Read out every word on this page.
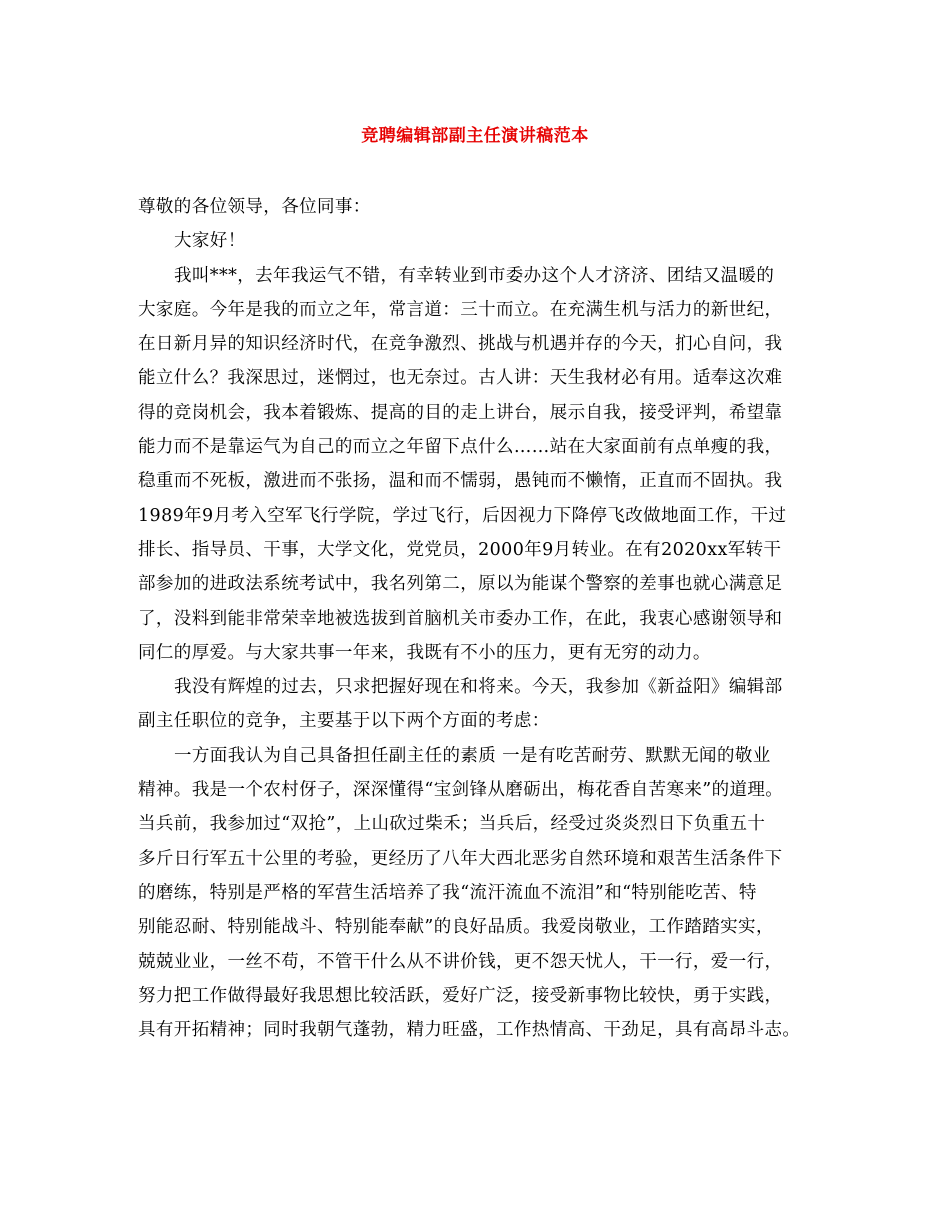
竞聘编辑部副主任演讲稿范本
尊敬的各位领导，各位同事：
大家好！
我叫***，去年我运气不错，有幸转业到市委办这个人才济济、团结又温暖的
大家庭。今年是我的而立之年，常言道：三十而立。在充满生机与活力的新世纪，
在日新月异的知识经济时代，在竞争激烈、挑战与机遇并存的今天，扪心自问，我
能立什么？我深思过，迷惘过，也无奈过。古人讲：天生我材必有用。适奉这次难
得的竞岗机会，我本着锻炼、提高的目的走上讲台，展示自我，接受评判，希望靠
能力而不是靠运气为自己的而立之年留下点什么……站在大家面前有点单瘦的我，
稳重而不死板，激进而不张扬，温和而不懦弱，愚钝而不懒惰，正直而不固执。我
1989年9月考入空军飞行学院，学过飞行，后因视力下降停飞改做地面工作，干过
排长、指导员、干事，大学文化，党党员，2000年9月转业。在有2020xx军转干
部参加的进政法系统考试中，我名列第二，原以为能谋个警察的差事也就心满意足
了，没料到能非常荣幸地被选拔到首脑机关市委办工作，在此，我衷心感谢领导和
同仁的厚爱。与大家共事一年来，我既有不小的压力，更有无穷的动力。
我没有辉煌的过去，只求把握好现在和将来。今天，我参加《新益阳》编辑部
副主任职位的竞争，主要基于以下两个方面的考虑：
一方面我认为自己具备担任副主任的素质 一是有吃苦耐劳、默默无闻的敬业
精神。我是一个农村伢子，深深懂得“宝剑锋从磨砺出，梅花香自苦寒来”的道理。
当兵前，我参加过“双抢”，上山砍过柴禾；当兵后，经受过炎炎烈日下负重五十
多斤日行军五十公里的考验，更经历了八年大西北恶劣自然环境和艰苦生活条件下
的磨练，特别是严格的军营生活培养了我“流汗流血不流泪”和“特别能吃苦、特
别能忍耐、特别能战斗、特别能奉献”的良好品质。我爱岗敬业，工作踏踏实实，
兢兢业业，一丝不苟，不管干什么从不讲价钱，更不怨天忧人，干一行，爱一行，
努力把工作做得最好我思想比较活跃，爱好广泛，接受新事物比较快，勇于实践，
具有开拓精神；同时我朝气蓬勃，精力旺盛，工作热情高、干劲足，具有高昂斗志。
